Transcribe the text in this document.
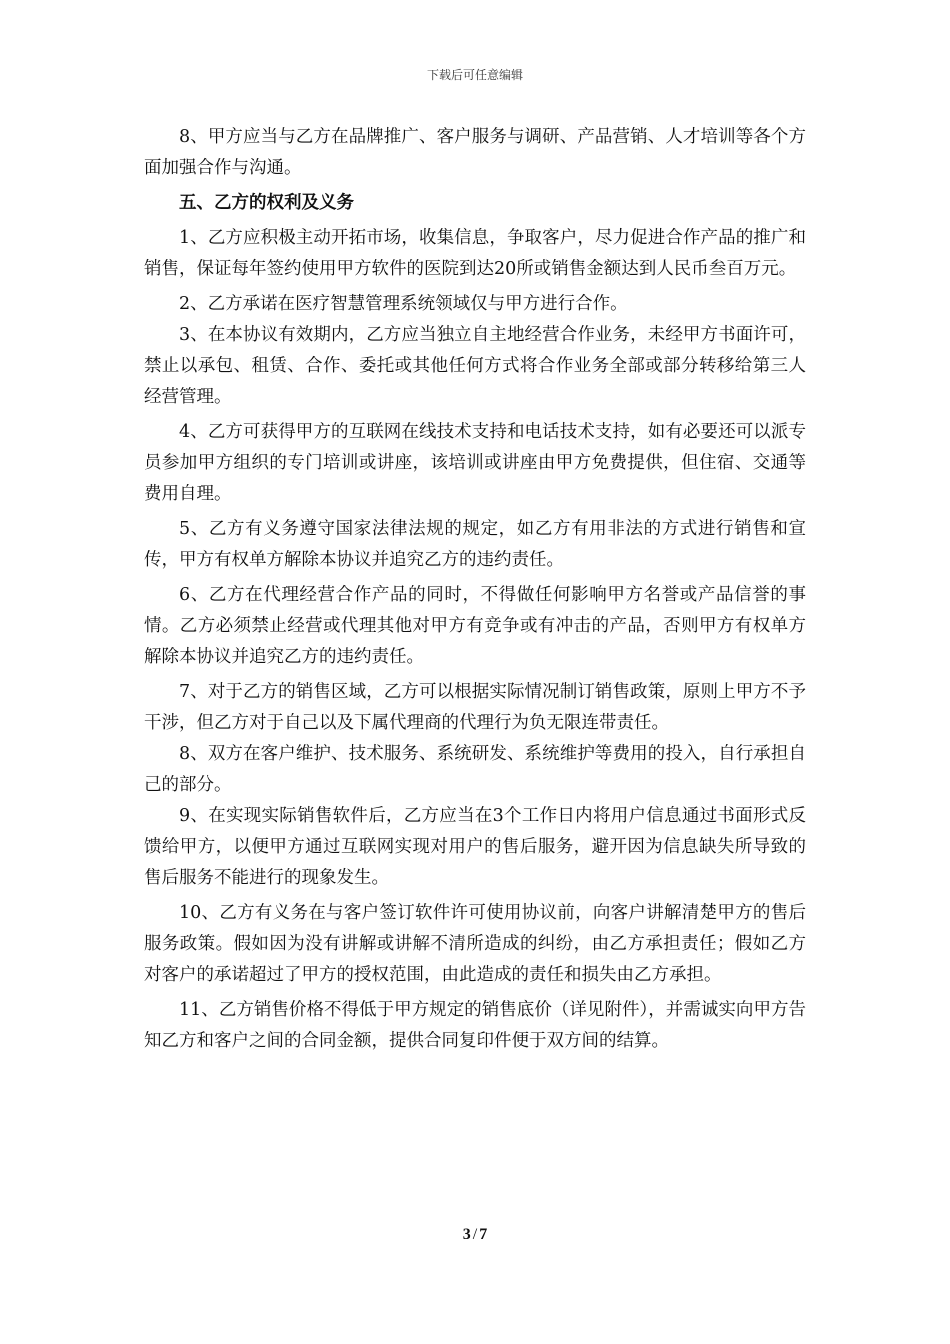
下载后可任意编辑

8、甲方应当与乙方在品牌推广、客户服务与调研、产品营销、人才培训等各个方面加强合作与沟通。

五、乙方的权利及义务

1、乙方应积极主动开拓市场，收集信息，争取客户，尽力促进合作产品的推广和销售，保证每年签约使用甲方软件的医院到达20所或销售金额达到人民币叁百万元。

2、乙方承诺在医疗智慧管理系统领域仅与甲方进行合作。

3、在本协议有效期内，乙方应当独立自主地经营合作业务，未经甲方书面许可，禁止以承包、租赁、合作、委托或其他任何方式将合作业务全部或部分转移给第三人经营管理。

4、乙方可获得甲方的互联网在线技术支持和电话技术支持，如有必要还可以派专员参加甲方组织的专门培训或讲座，该培训或讲座由甲方免费提供，但住宿、交通等费用自理。

5、乙方有义务遵守国家法律法规的规定，如乙方有用非法的方式进行销售和宣传，甲方有权单方解除本协议并追究乙方的违约责任。

6、乙方在代理经营合作产品的同时，不得做任何影响甲方名誉或产品信誉的事情。乙方必须禁止经营或代理其他对甲方有竞争或有冲击的产品，否则甲方有权单方解除本协议并追究乙方的违约责任。

7、对于乙方的销售区域，乙方可以根据实际情况制订销售政策，原则上甲方不予干涉，但乙方对于自己以及下属代理商的代理行为负无限连带责任。

8、双方在客户维护、技术服务、系统研发、系统维护等费用的投入，自行承担自己的部分。

9、在实现实际销售软件后，乙方应当在3个工作日内将用户信息通过书面形式反馈给甲方，以便甲方通过互联网实现对用户的售后服务，避开因为信息缺失所导致的售后服务不能进行的现象发生。

10、乙方有义务在与客户签订软件许可使用协议前，向客户讲解清楚甲方的售后服务政策。假如因为没有讲解或讲解不清所造成的纠纷，由乙方承担责任；假如乙方对客户的承诺超过了甲方的授权范围，由此造成的责任和损失由乙方承担。

11、乙方销售价格不得低于甲方规定的销售底价（详见附件），并需诚实向甲方告知乙方和客户之间的合同金额，提供合同复印件便于双方间的结算。

3 / 7
